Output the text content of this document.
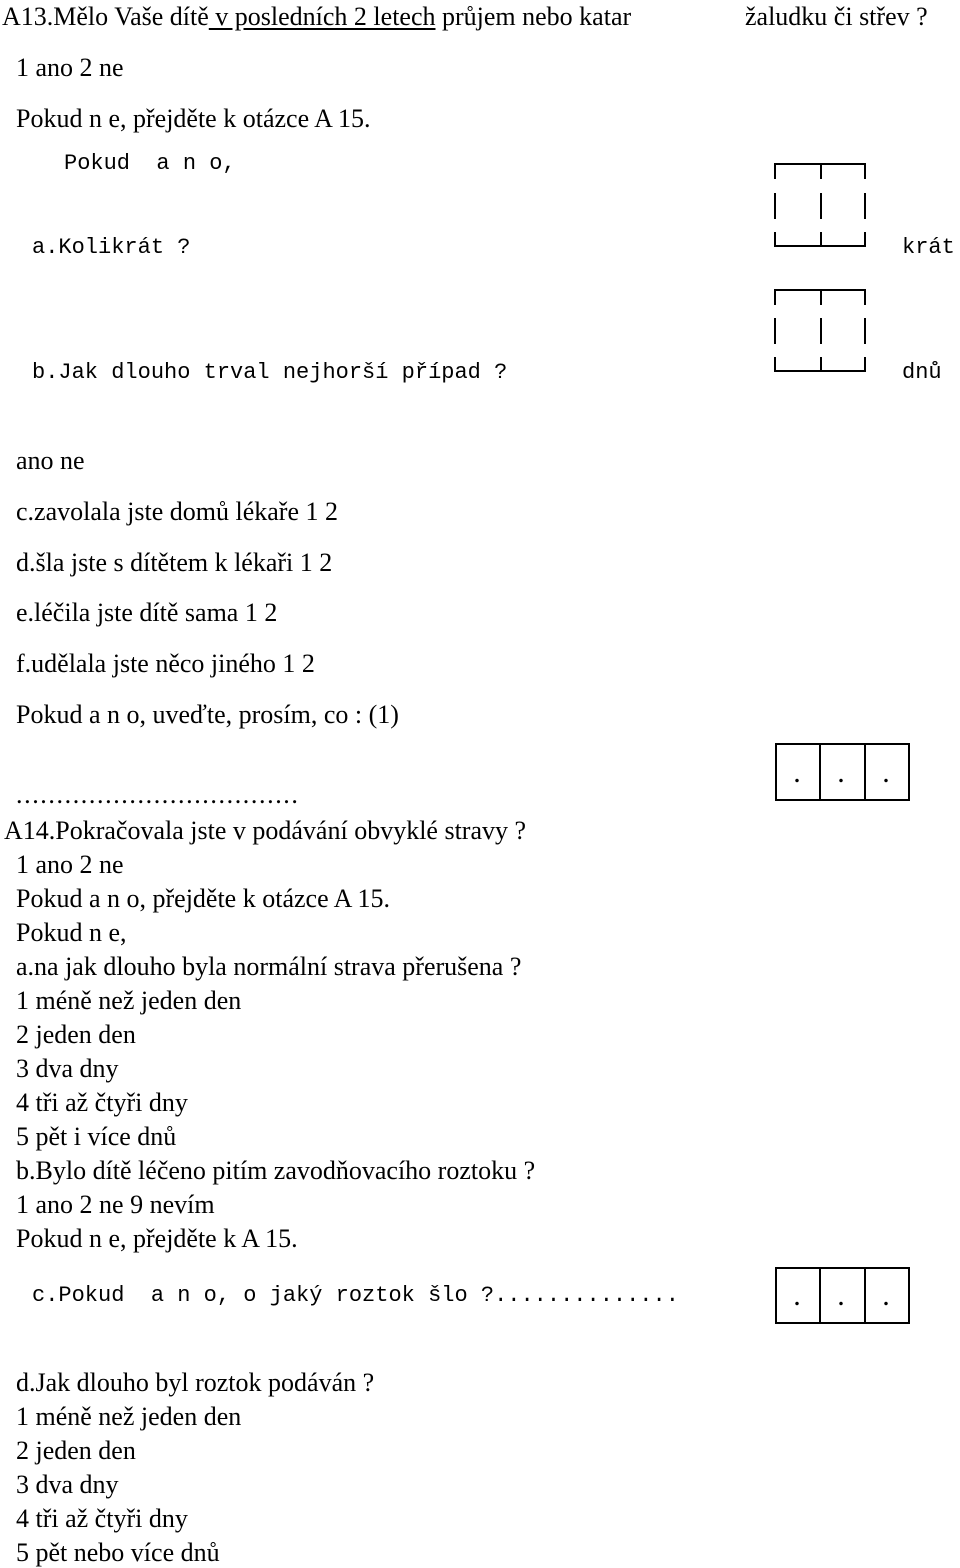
A13.Mělo Vaše dítě v posledních 2 letech průjem nebo katar	žaludku či střev ?
1 ano 2 ne
Pokud n e, přejděte k otázce A 15.
Pokud  a n o,
a.Kolikrát ?	krát
b.Jak dlouho trval nejhorší případ ?	dnů
ano ne
c.zavolala jste domů lékaře 1 2
d.šla jste s dítětem k lékaři 1 2
e.léčila jste dítě sama 1 2
f.udělala jste něco jiného 1 2
Pokud a n o, uveďte, prosím, co : (1)
...................................
.	.	.
A14.Pokračovala jste v podávání obvyklé stravy ?
1 ano 2 ne
Pokud a n o, přejděte k otázce A 15.
Pokud n e,
a.na jak dlouho byla normální strava přerušena ?
1 méně než jeden den
2 jeden den
3 dva dny
4 tři až čtyři dny
5 pět i více dnů
b.Bylo dítě léčeno pitím zavodňovacího roztoku ?
1 ano 2 ne 9 nevím
Pokud n e, přejděte k A 15.
c.Pokud  a n o, o jaký roztok šlo ?..............	.	.	.
d.Jak dlouho byl roztok podáván ?
1 méně než jeden den
2 jeden den
3 dva dny
4 tři až čtyři dny
5 pět nebo více dnů
